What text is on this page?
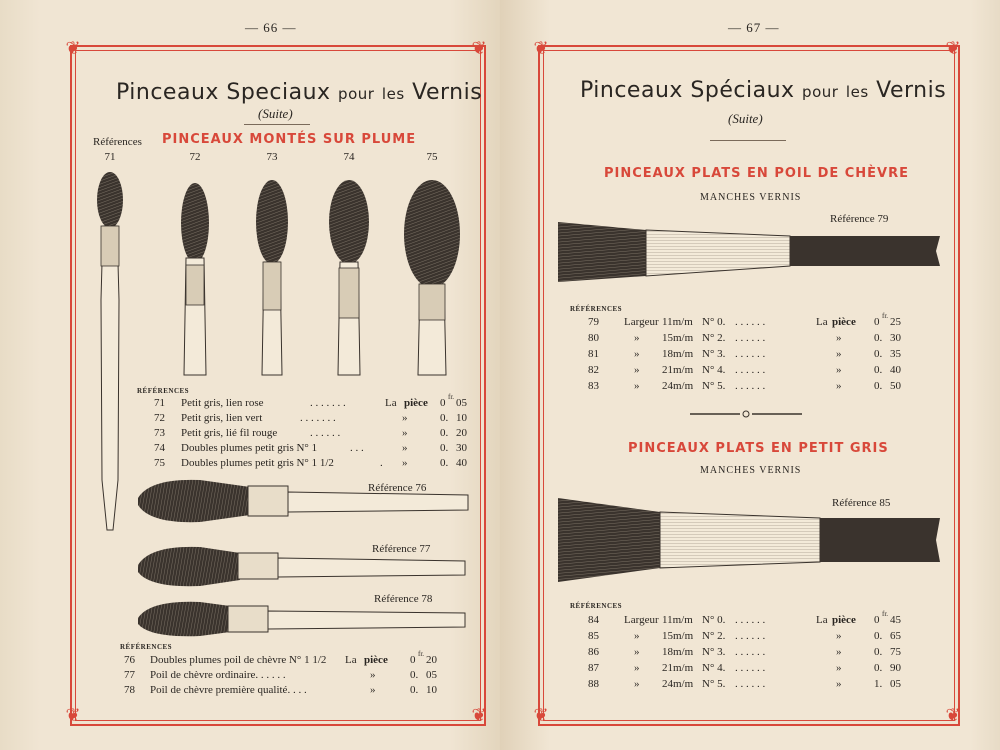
— 66 —
❦	❦
❦	❦
Pinceaux Speciaux pour les Vernis
(Suite)
Références PINCEAUX MONTÉS SUR PLUME
71	72	73	74	75
RÉFÉRENCES
71 Petit gris, lien rose	. . . . . . .	La pièce 0 fr. 05
72 Petit gris, lien vert	. . . . . . .	»	0. 10
73 Petit gris, lié fil rouge	. . . . . .	»	0. 20
74 Doubles plumes petit gris N° 1	. . .	»	0. 30
75 Doubles plumes petit gris N° 1 1/2	. »	0. 40
Référence 76
Référence 77
Référence 78
RÉFÉRENCES
76 Doubles plumes poil de chèvre N° 1 1/2 La pièce 0 fr. 20
77 Poil de chèvre ordinaire. . . . . .	»	0. 05
78 Poil de chèvre première qualité. . . .	»	0. 10
— 67 —
❦	❦
❦	❦
Pinceaux Spéciaux pour les Vernis
(Suite)
PINCEAUX PLATS EN POIL DE CHÈVRE
MANCHES VERNIS
Référence 79
RÉFÉRENCES
79 Largeur 11m/m N° 0. . . . . . .	La pièce 0 fr. 25
80	» 15m/m N° 2. . . . . . .	»	0. 30
81	» 18m/m N° 3. . . . . . .	»	0. 35
82	» 21m/m N° 4. . . . . . .	»	0. 40
83	» 24m/m N° 5. . . . . . .	»	0. 50
PINCEAUX PLATS EN PETIT GRIS
MANCHES VERNIS
Référence 85
RÉFÉRENCES
84 Largeur 11m/m N° 0. . . . . . .	La pièce 0 fr. 45
85	» 15m/m N° 2. . . . . . .	»	0. 65
86	» 18m/m N° 3. . . . . . .	»	0. 75
87	» 21m/m N° 4. . . . . . .	»	0. 90
88	» 24m/m N° 5. . . . . . .	»	1. 05
